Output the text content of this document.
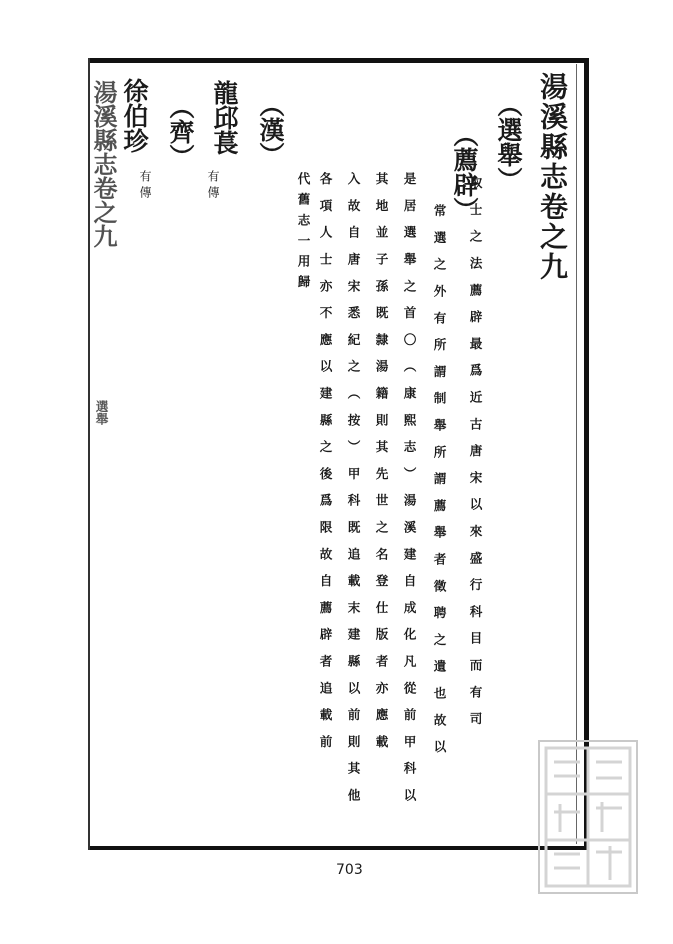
湯溪縣志卷之九
選舉
湯溪縣志卷之九
（選舉）
（薦辟）
取士之法薦辟最爲近古唐宋以來盛行科目而有司
常選之外有所謂制舉所謂薦舉者徵聘之遺也故以
是居選舉之首〇（康熙志）湯溪建自成化凡從前甲科以
其地並子孫既隸湯籍則其先世之名登仕版者亦應載
入故自唐宋悉紀之（按）甲科既追載末建縣以前則其他
各項人士亦不應以建縣之後爲限故自薦辟者追載前
代舊志一用歸
（漢）
龍邱萇
有傳
（齊）
徐伯珍
有傳
703
